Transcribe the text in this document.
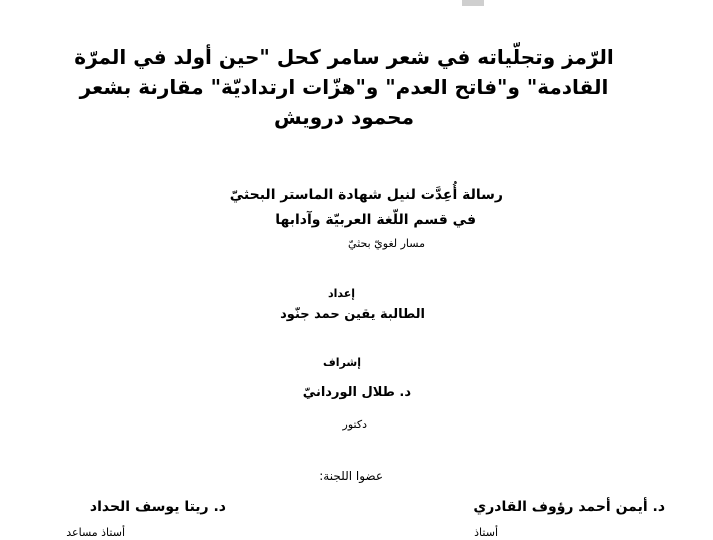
الرّمز وتجلّياته في شعر سامر كحل "حين أولد في المرّة
القادمة" و"فاتح العدم" و"هزّات ارتداديّة" مقارنة بشعر
محمود درويش
رسالة أُعِدَّت لنيل شهادة الماستر البحثيّ
في قسم اللّغة العربيّة وآدابها
مسار لغويّ بحثيّ
إعداد
الطالبة يقين حمد جنّود
إشراف
د. طلال الوردانيّ
دكتور
عضوا اللجنة:
د. أيمن أحمد رؤوف القادري
د. ريتا يوسف الحداد
أستاذ
أستاذ مساعد
